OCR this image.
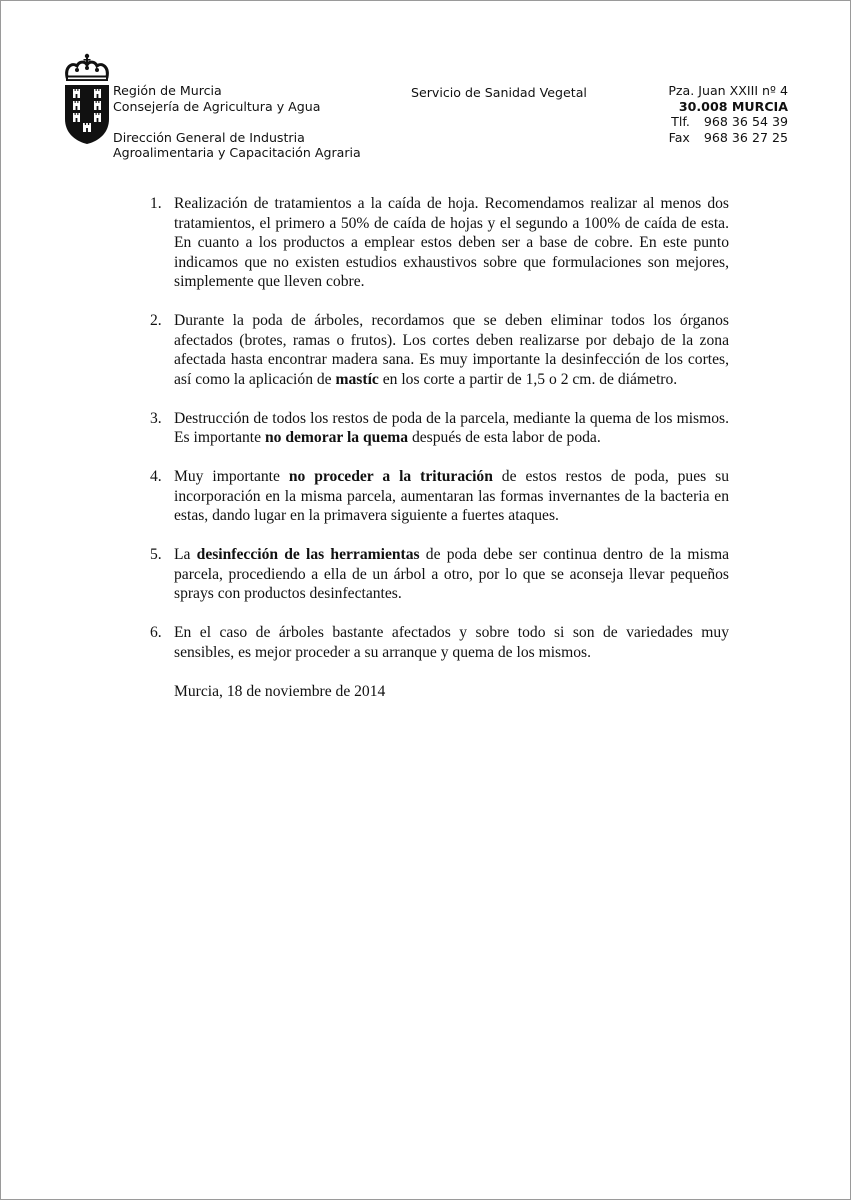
Región de Murcia
Consejería de Agricultura y Agua
Dirección General de Industria
Agroalimentaria y Capacitación Agraria
Servicio de Sanidad Vegetal	Pza. Juan XXIII nº 4
30.008 MURCIA
Tlf. 968 36 54 39
Fax 968 36 27 25
1. Realización de tratamientos a la caída de hoja. Recomendamos realizar al menos dos tratamientos, el primero a 50% de caída de hojas y el segundo a 100% de caída de esta. En cuanto a los productos a emplear estos deben ser a base de cobre. En este punto indicamos que no existen estudios exhaustivos sobre que formulaciones son mejores, simplemente que lleven cobre.
2. Durante la poda de árboles, recordamos que se deben eliminar todos los órganos afectados (brotes, ramas o frutos). Los cortes deben realizarse por debajo de la zona afectada hasta encontrar madera sana. Es muy importante la desinfección de los cortes, así como la aplicación de mastíc en los corte a partir de 1,5 o 2 cm. de diámetro.
3. Destrucción de todos los restos de poda de la parcela, mediante la quema de los mismos. Es importante no demorar la quema después de esta labor de poda.
4. Muy importante no proceder a la trituración de estos restos de poda, pues su incorporación en la misma parcela, aumentaran las formas invernantes de la bacteria en estas, dando lugar en la primavera siguiente a fuertes ataques.
5. La desinfección de las herramientas de poda debe ser continua dentro de la misma parcela, procediendo a ella de un árbol a otro, por lo que se aconseja llevar pequeños sprays con productos desinfectantes.
6. En el caso de árboles bastante afectados y sobre todo si son de variedades muy sensibles, es mejor proceder a su arranque y quema de los mismos.
Murcia, 18 de noviembre de 2014
